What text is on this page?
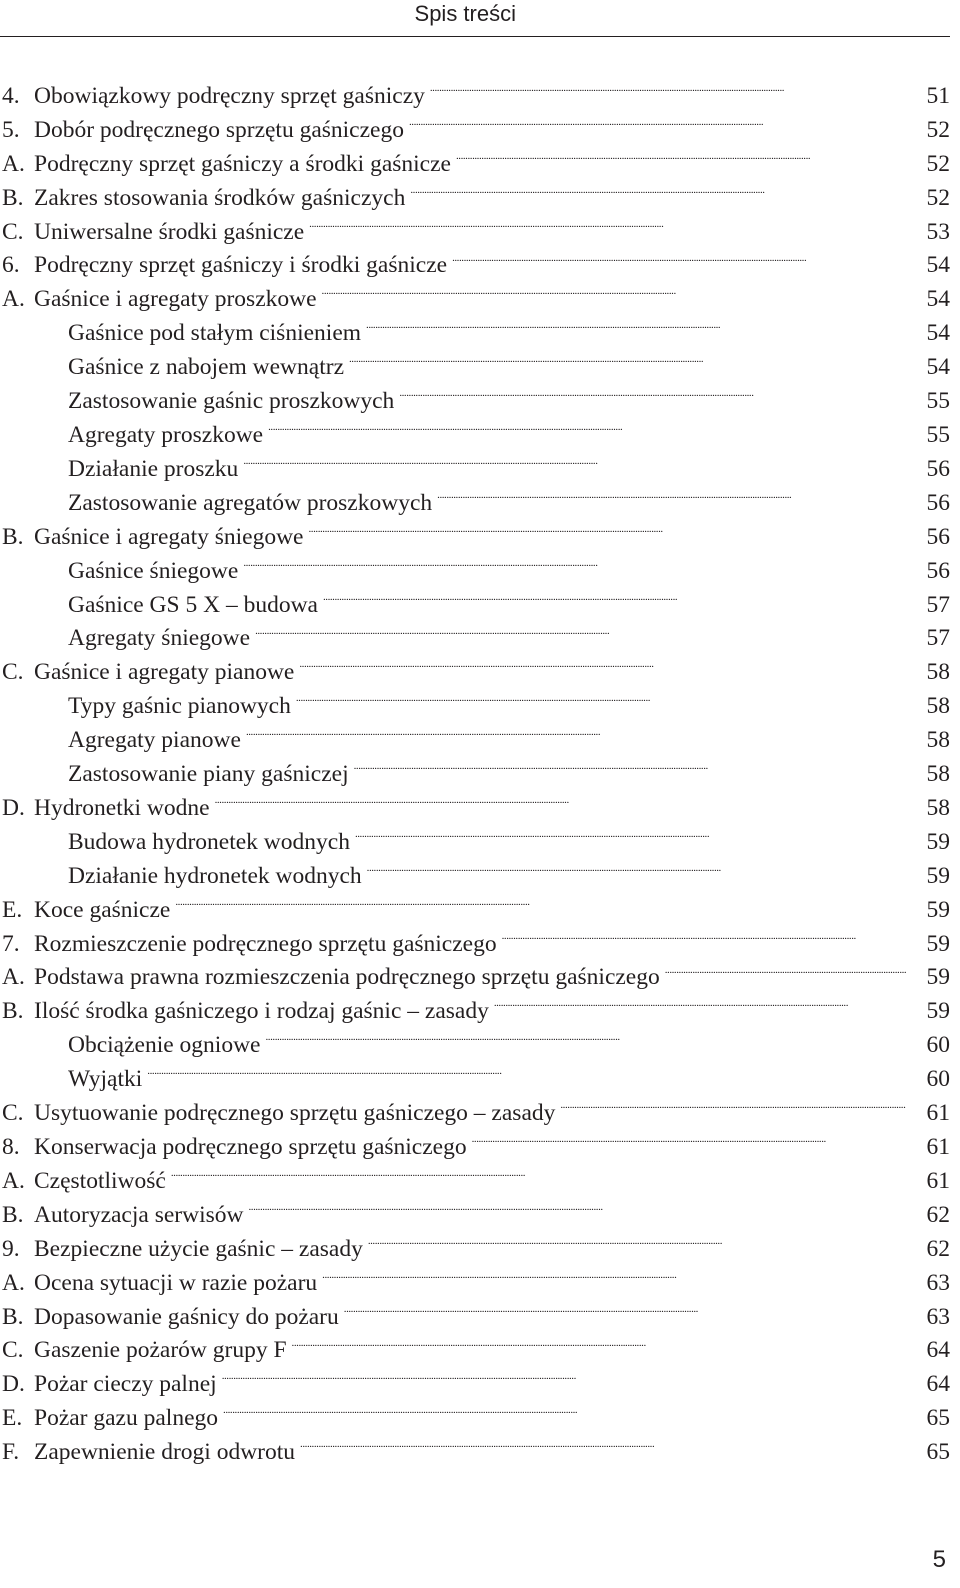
Spis treści
4. Obowiązkowy podręczny sprzęt gaśniczy . . .	51
5. Dobór podręcznego sprzętu gaśniczego . . .	52
A. Podręczny sprzęt gaśniczy a środki gaśnicze . . .	52
B. Zakres stosowania środków gaśniczych . . .	52
C. Uniwersalne środki gaśnicze . . .	53
6. Podręczny sprzęt gaśniczy i środki gaśnicze . . .	54
A. Gaśnice i agregaty proszkowe . . .	54
Gaśnice pod stałym ciśnieniem . . .	54
Gaśnice z nabojem wewnątrz . . .	54
Zastosowanie gaśnic proszkowych . . .	55
Agregaty proszkowe . . .	55
Działanie proszku . . .	56
Zastosowanie agregatów proszkowych . . .	56
B. Gaśnice i agregaty śniegowe . . .	56
Gaśnice śniegowe . . .	56
Gaśnice GS 5 X – budowa . . .	57
Agregaty śniegowe . . .	57
C. Gaśnice i agregaty pianowe . . .	58
Typy gaśnic pianowych . . .	58
Agregaty pianowe . . .	58
Zastosowanie piany gaśniczej . . .	58
D. Hydronetki wodne . . .	58
Budowa hydronetek wodnych . . .	59
Działanie hydronetek wodnych . . .	59
E. Koce gaśnicze . . .	59
7. Rozmieszczenie podręcznego sprzętu gaśniczego . . .	59
A. Podstawa prawna rozmieszczenia podręcznego sprzętu gaśniczego . . .	59
B. Ilość środka gaśniczego i rodzaj gaśnic – zasady . . .	59
Obciążenie ogniowe . . .	60
Wyjątki . . .	60
C. Usytuowanie podręcznego sprzętu gaśniczego – zasady . . .	61
8. Konserwacja podręcznego sprzętu gaśniczego . . .	61
A. Częstotliwość . . .	61
B. Autoryzacja serwisów . . .	62
9. Bezpieczne użycie gaśnic – zasady . . .	62
A. Ocena sytuacji w razie pożaru . . .	63
B. Dopasowanie gaśnicy do pożaru . . .	63
C. Gaszenie pożarów grupy F . . .	64
D. Pożar cieczy palnej . . .	64
E. Pożar gazu palnego . . .	65
F. Zapewnienie drogi odwrotu . . .	65
5
